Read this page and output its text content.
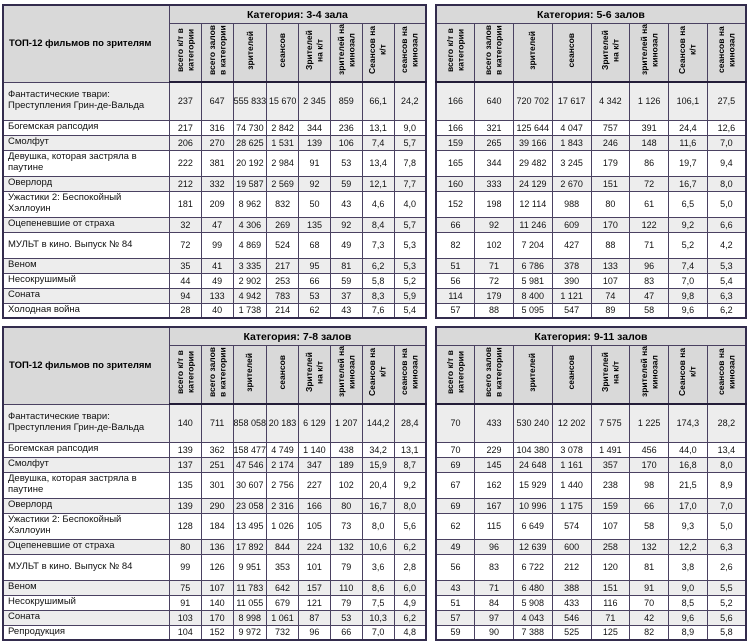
ТОП-12 фильмов по зрителям	Категория: 3-4 зала							
	всего к/т в категории	всего залов в категории	зрителей	сеансов	Зрителей на к/т	зрителей на кинозал	Сеансов на к/т	сеансов на кинозал
Фантастические твари: Преступления Грин-де-Вальда	237	647	555 833	15 670	2 345	859	66,1	24,2
Богемская рапсодия	217	316	74 730	2 842	344	236	13,1	9,0
Смолфут	206	270	28 625	1 531	139	106	7,4	5,7
Девушка, которая застряла в паутине	222	381	20 192	2 984	91	53	13,4	7,8
Оверлорд	212	332	19 587	2 569	92	59	12,1	7,7
Ужастики 2: Беспокойный Хэллоуин	181	209	8 962	832	50	43	4,6	4,0
Оцепеневшие от страха	32	47	4 306	269	135	92	8,4	5,7
МУЛЬТ в кино. Выпуск № 84	72	99	4 869	524	68	49	7,3	5,3
Веном	35	41	3 335	217	95	81	6,2	5,3
Несокрушимый	44	49	2 902	253	66	59	5,8	5,2
Соната	94	133	4 942	783	53	37	8,3	5,9
Холодная война	28	40	1 738	214	62	43	7,6	5,4
Категория: 5-6 залов							
всего к/т в категории	всего залов в категории	зрителей	сеансов	Зрителей на к/т	зрителей на кинозал	Сеансов на к/т	сеансов на кинозал
166	640	720 702	17 617	4 342	1 126	106,1	27,5
166	321	125 644	4 047	757	391	24,4	12,6
159	265	39 166	1 843	246	148	11,6	7,0
165	344	29 482	3 245	179	86	19,7	9,4
160	333	24 129	2 670	151	72	16,7	8,0
152	198	12 114	988	80	61	6,5	5,0
66	92	11 246	609	170	122	9,2	6,6
82	102	7 204	427	88	71	5,2	4,2
51	71	6 786	378	133	96	7,4	5,3
56	72	5 981	390	107	83	7,0	5,4
114	179	8 400	1 121	74	47	9,8	6,3
57	88	5 095	547	89	58	9,6	6,2
ТОП-12 фильмов по зрителям	Категория: 7-8 залов							
	всего к/т в категории	всего залов в категории	зрителей	сеансов	Зрителей на к/т	зрителей на кинозал	Сеансов на к/т	сеансов на кинозал
Фантастические твари: Преступления Грин-де-Вальда	140	711	858 058	20 183	6 129	1 207	144,2	28,4
Богемская рапсодия	139	362	158 477	4 749	1 140	438	34,2	13,1
Смолфут	137	251	47 546	2 174	347	189	15,9	8,7
Девушка, которая застряла в паутине	135	301	30 607	2 756	227	102	20,4	9,2
Оверлорд	139	290	23 058	2 316	166	80	16,7	8,0
Ужастики 2: Беспокойный Хэллоуин	128	184	13 495	1 026	105	73	8,0	5,6
Оцепеневшие от страха	80	136	17 892	844	224	132	10,6	6,2
МУЛЬТ в кино. Выпуск № 84	99	126	9 951	353	101	79	3,6	2,8
Веном	75	107	11 783	642	157	110	8,6	6,0
Несокрушимый	91	140	11 055	679	121	79	7,5	4,9
Соната	103	170	8 998	1 061	87	53	10,3	6,2
Репродукция	104	152	9 972	732	96	66	7,0	4,8
Категория: 9-11 залов							
всего к/т в категории	всего залов в категории	зрителей	сеансов	Зрителей на к/т	зрителей на кинозал	Сеансов на к/т	сеансов на кинозал
70	433	530 240	12 202	7 575	1 225	174,3	28,2
70	229	104 380	3 078	1 491	456	44,0	13,4
69	145	24 648	1 161	357	170	16,8	8,0
67	162	15 929	1 440	238	98	21,5	8,9
69	167	10 996	1 175	159	66	17,0	7,0
62	115	6 649	574	107	58	9,3	5,0
49	96	12 639	600	258	132	12,2	6,3
56	83	6 722	212	120	81	3,8	2,6
43	71	6 480	388	151	91	9,0	5,5
51	84	5 908	433	116	70	8,5	5,2
57	97	4 043	546	71	42	9,6	5,6
59	90	7 388	525	125	82	8,9	5,8
